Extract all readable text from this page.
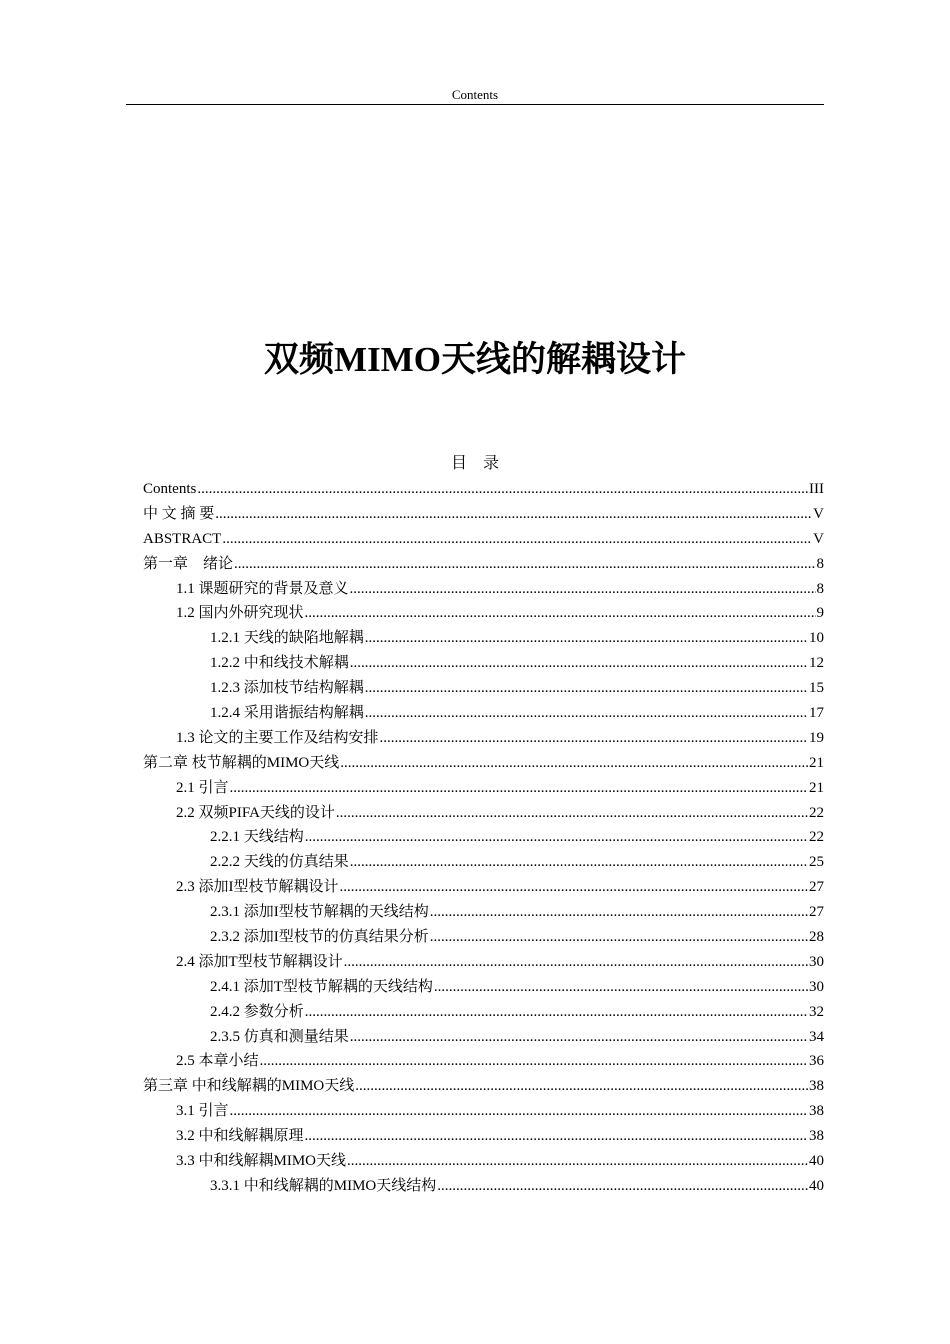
Contents
双频MIMO天线的解耦设计
目录
Contents .....	III
中 文 摘 要 .....	V
ABSTRACT .....	V
第一章　绪论 .....	8
1.1 课题研究的背景及意义 .....	8
1.2 国内外研究现状 .....	9
1.2.1 天线的缺陷地解耦 .....	10
1.2.2 中和线技术解耦 .....	12
1.2.3 添加枝节结构解耦 .....	15
1.2.4 采用谐振结构解耦 .....	17
1.3 论文的主要工作及结构安排 .....	19
第二章 枝节解耦的MIMO天线 .....	21
2.1 引言 .....	21
2.2 双频PIFA天线的设计 .....	22
2.2.1 天线结构 .....	22
2.2.2 天线的仿真结果 .....	25
2.3 添加I型枝节解耦设计 .....	27
2.3.1 添加I型枝节解耦的天线结构 .....	27
2.3.2 添加I型枝节的仿真结果分析 .....	28
2.4 添加T型枝节解耦设计 .....	30
2.4.1 添加T型枝节解耦的天线结构 .....	30
2.4.2 参数分析 .....	32
2.3.5 仿真和测量结果 .....	34
2.5 本章小结 .....	36
第三章 中和线解耦的MIMO天线 .....	38
3.1 引言 .....	38
3.2 中和线解耦原理 .....	38
3.3 中和线解耦MIMO天线 .....	40
3.3.1 中和线解耦的MIMO天线结构 .....	40
